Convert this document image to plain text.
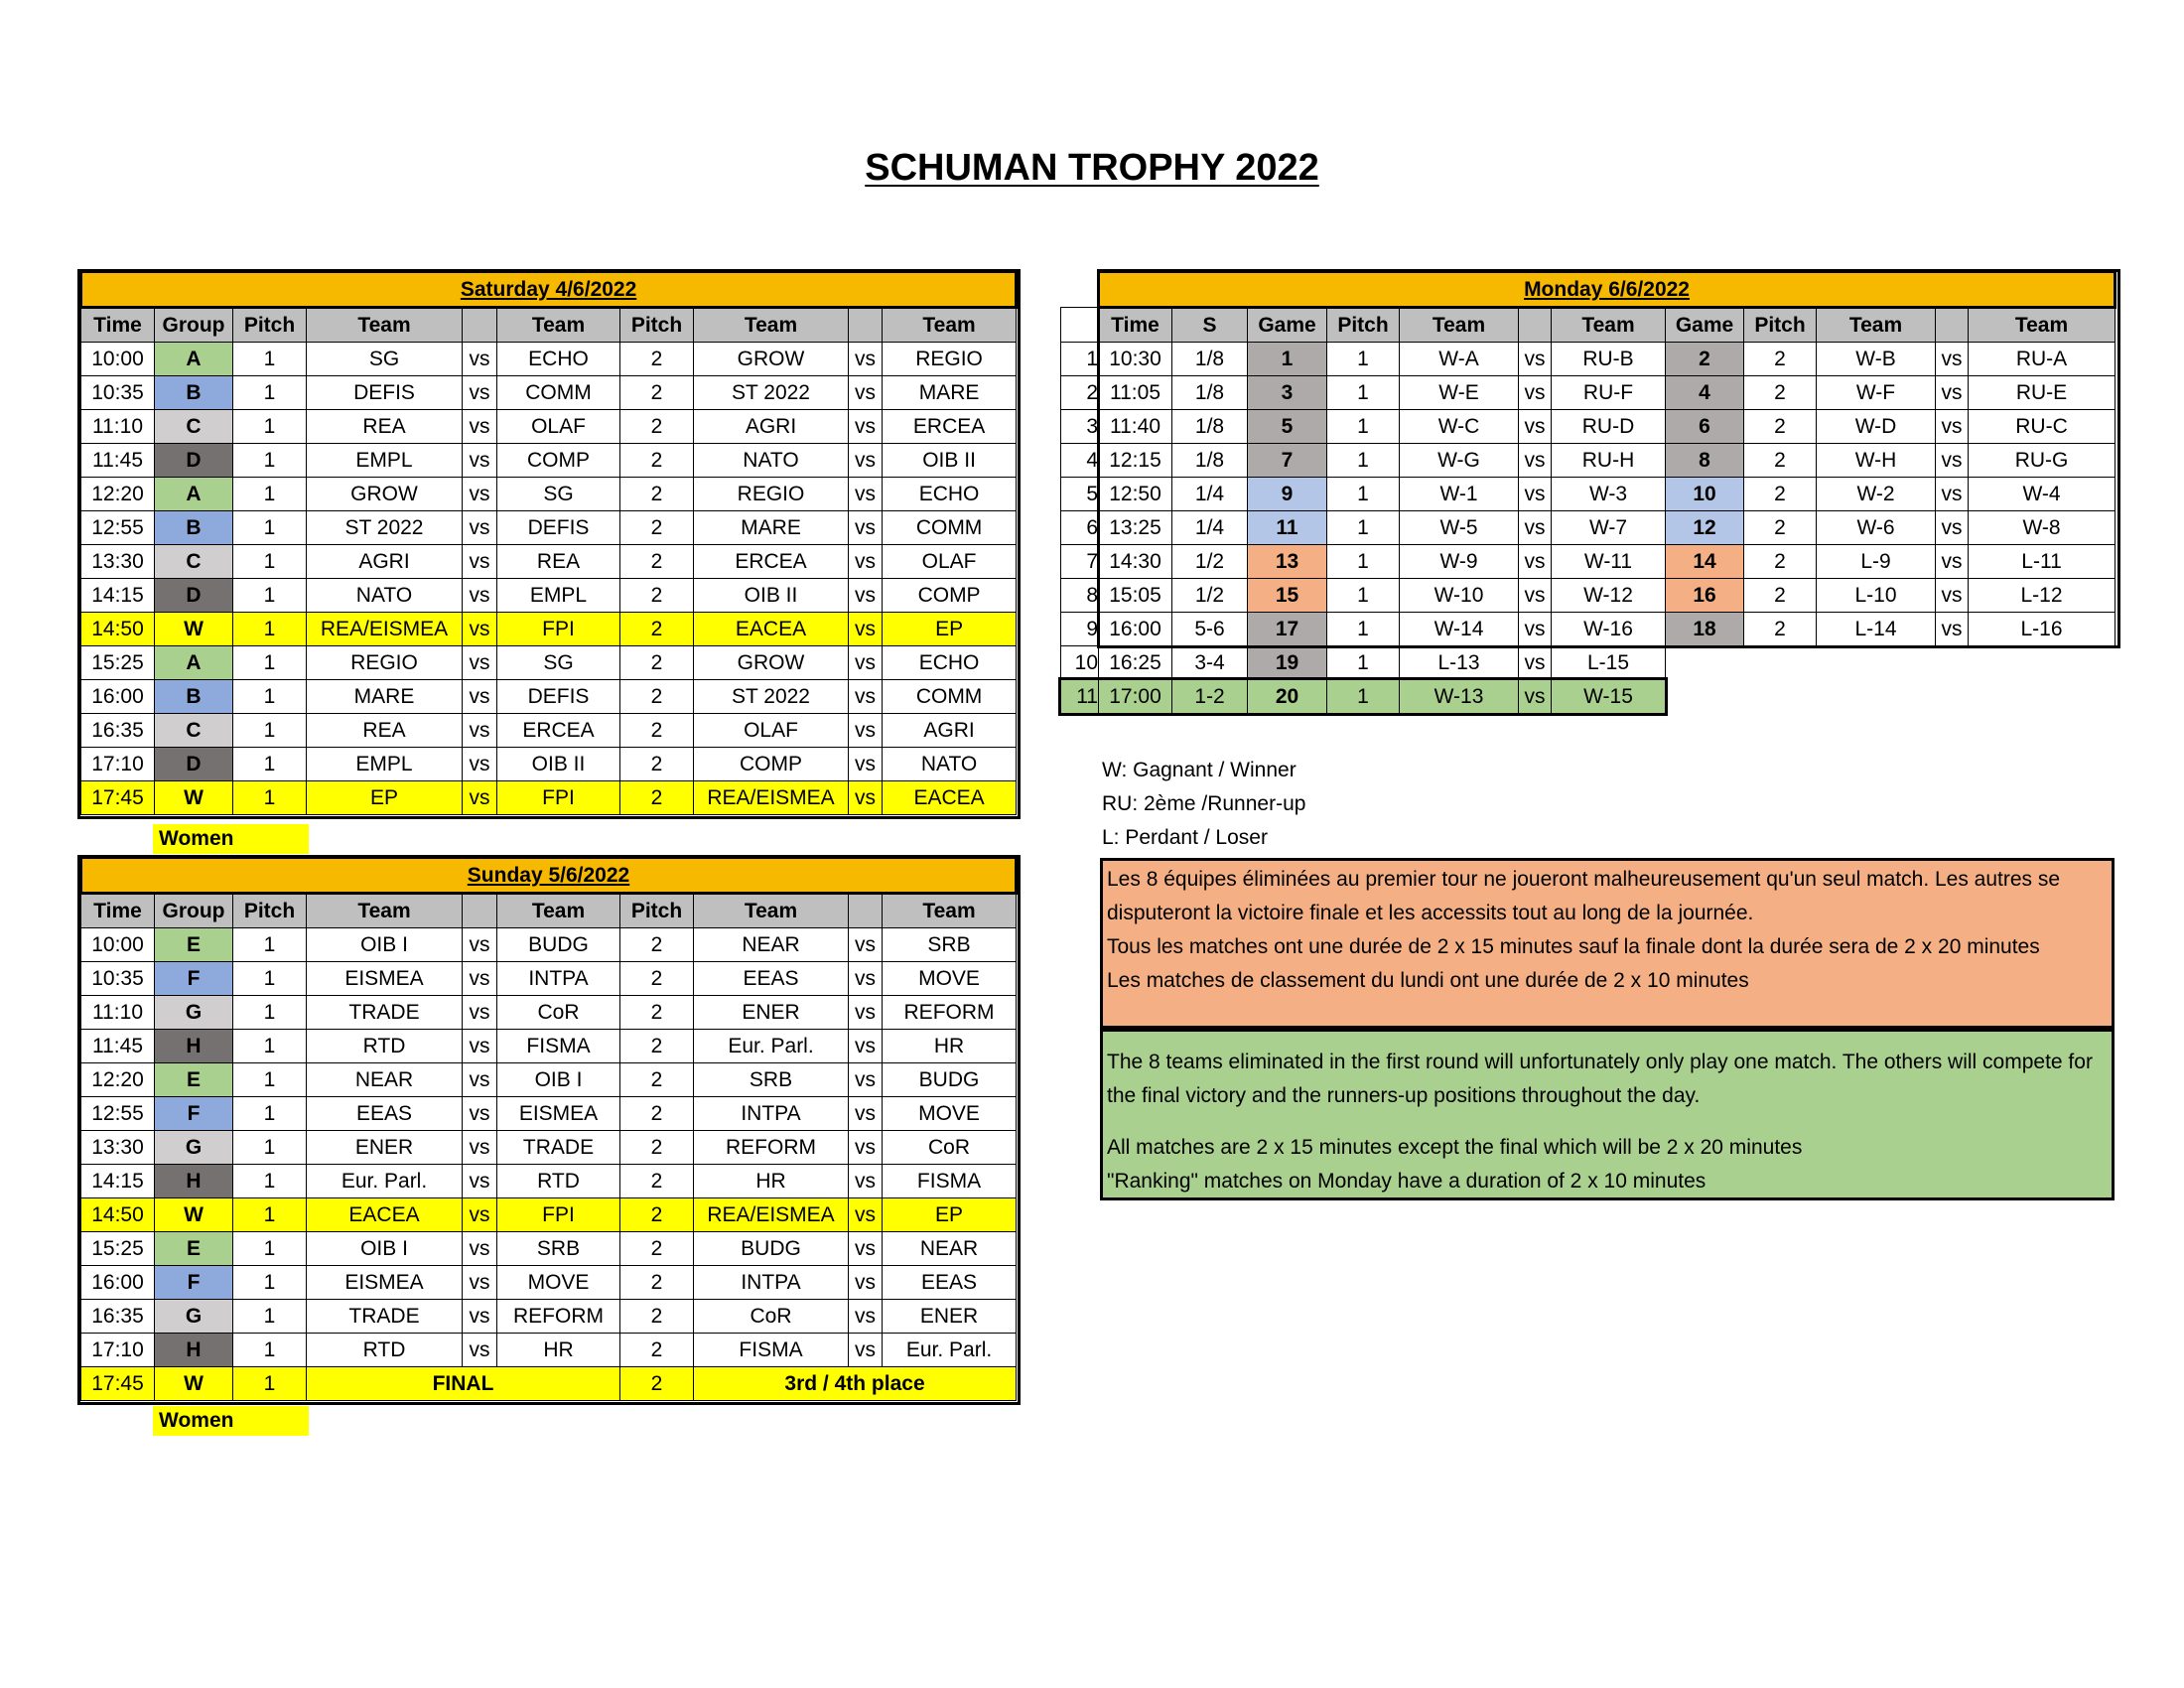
SCHUMAN TROPHY 2022
Saturday 4/6/2022									
Time	Group	Pitch	Team		Team	Pitch	Team		Team
10:00	A	1	SG	vs	ECHO	2	GROW	vs	REGIO
10:35	B	1	DEFIS	vs	COMM	2	ST 2022	vs	MARE
11:10	C	1	REA	vs	OLAF	2	AGRI	vs	ERCEA
11:45	D	1	EMPL	vs	COMP	2	NATO	vs	OIB II
12:20	A	1	GROW	vs	SG	2	REGIO	vs	ECHO
12:55	B	1	ST 2022	vs	DEFIS	2	MARE	vs	COMM
13:30	C	1	AGRI	vs	REA	2	ERCEA	vs	OLAF
14:15	D	1	NATO	vs	EMPL	2	OIB II	vs	COMP
14:50	W	1	REA/EISMEA	vs	FPI	2	EACEA	vs	EP
15:25	A	1	REGIO	vs	SG	2	GROW	vs	ECHO
16:00	B	1	MARE	vs	DEFIS	2	ST 2022	vs	COMM
16:35	C	1	REA	vs	ERCEA	2	OLAF	vs	AGRI
17:10	D	1	EMPL	vs	OIB II	2	COMP	vs	NATO
17:45	W	1	EP	vs	FPI	2	REA/EISMEA	vs	EACEA
Sunday 5/6/2022									
Time	Group	Pitch	Team		Team	Pitch	Team		Team
10:00	E	1	OIB I	vs	BUDG	2	NEAR	vs	SRB
10:35	F	1	EISMEA	vs	INTPA	2	EEAS	vs	MOVE
11:10	G	1	TRADE	vs	CoR	2	ENER	vs	REFORM
11:45	H	1	RTD	vs	FISMA	2	Eur. Parl.	vs	HR
12:20	E	1	NEAR	vs	OIB I	2	SRB	vs	BUDG
12:55	F	1	EEAS	vs	EISMEA	2	INTPA	vs	MOVE
13:30	G	1	ENER	vs	TRADE	2	REFORM	vs	CoR
14:15	H	1	Eur. Parl.	vs	RTD	2	HR	vs	FISMA
14:50	W	1	EACEA	vs	FPI	2	REA/EISMEA	vs	EP
15:25	E	1	OIB I	vs	SRB	2	BUDG	vs	NEAR
16:00	F	1	EISMEA	vs	MOVE	2	INTPA	vs	EEAS
16:35	G	1	TRADE	vs	REFORM	2	CoR	vs	ENER
17:10	H	1	RTD	vs	HR	2	FISMA	vs	Eur. Parl.
17:45	W	1	FINAL			2	3rd / 4th place		
	Monday 6/6/2022											
	Time	S	Game	Pitch	Team		Team	Game	Pitch	Team		Team
1	10:30	1/8	1	1	W-A	vs	RU-B	2	2	W-B	vs	RU-A
2	11:05	1/8	3	1	W-E	vs	RU-F	4	2	W-F	vs	RU-E
3	11:40	1/8	5	1	W-C	vs	RU-D	6	2	W-D	vs	RU-C
4	12:15	1/8	7	1	W-G	vs	RU-H	8	2	W-H	vs	RU-G
5	12:50	1/4	9	1	W-1	vs	W-3	10	2	W-2	vs	W-4
6	13:25	1/4	11	1	W-5	vs	W-7	12	2	W-6	vs	W-8
7	14:30	1/2	13	1	W-9	vs	W-11	14	2	L-9	vs	L-11
8	15:05	1/2	15	1	W-10	vs	W-12	16	2	L-10	vs	L-12
9	16:00	5-6	17	1	W-14	vs	W-16	18	2	L-14	vs	L-16
10	16:25	3-4	19	1	L-13	vs	L-15					
11	17:00	1-2	20	1	W-13	vs	W-15					
Women
Women
W: Gagnant / Winner
RU: 2ème /Runner-up
L: Perdant / Loser

Les 8 équipes éliminées au premier tour ne joueront malheureusement qu'un seul match. Les autres se disputeront la victoire finale et les accessits tout au long de la journée.

Tous les matches ont une durée de 2 x 15 minutes sauf la finale dont la durée sera de 2 x 20 minutes

Les matches de classement du lundi ont une durée de 2 x 10 minutes

The 8 teams eliminated in the first round will unfortunately only play one match. The others will compete for the final victory and the runners-up positions throughout the day.

All matches are 2 x 15 minutes except the final which will be 2 x 20 minutes

"Ranking" matches on Monday have a duration of 2 x 10 minutes
